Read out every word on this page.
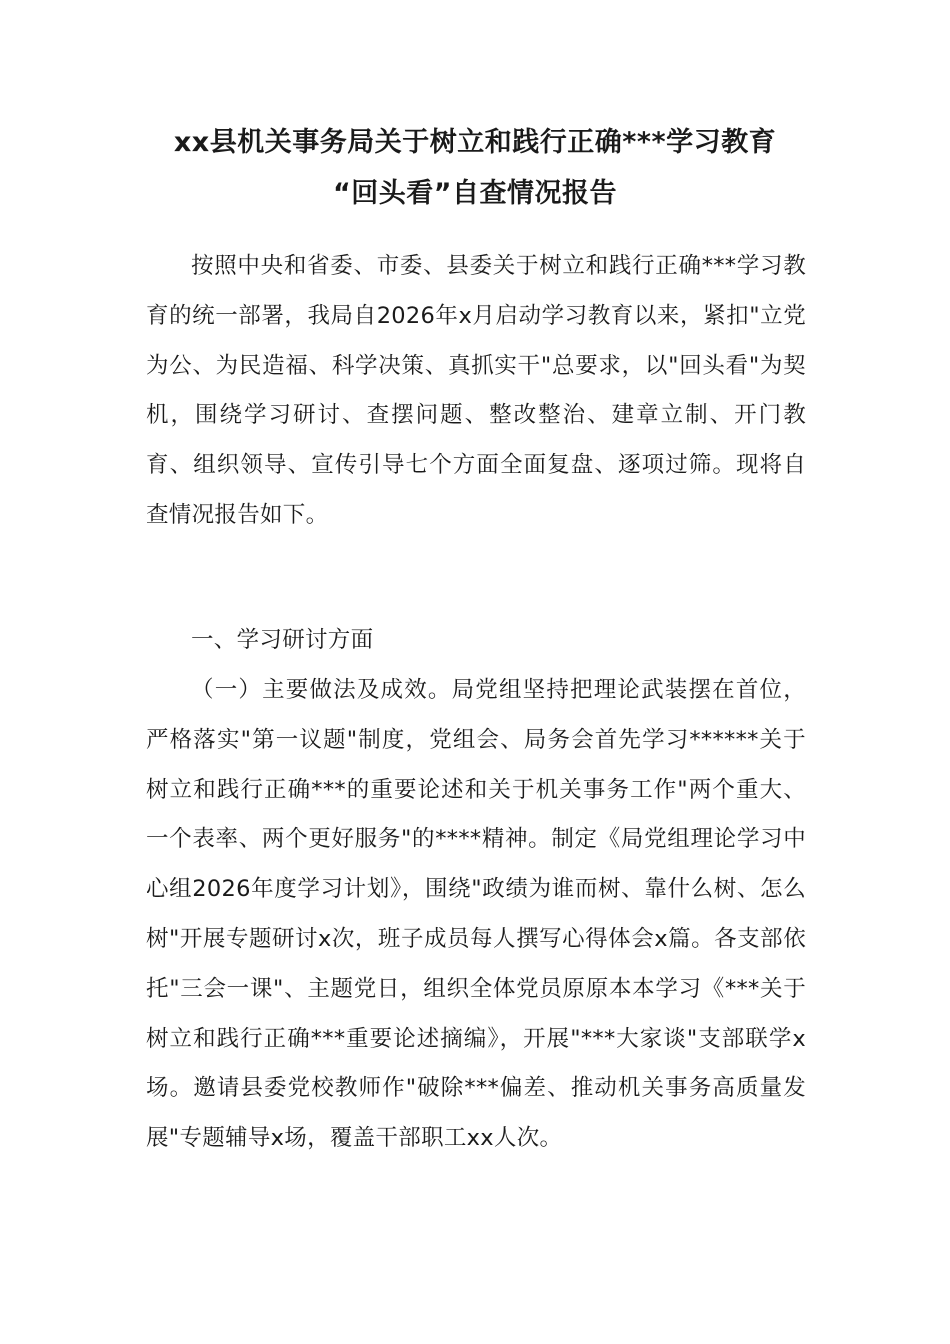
xx县机关事务局关于树立和践行正确***学习教育
“回头看”自查情况报告

按照中央和省委、市委、县委关于树立和践行正确***学习教育的统一部署，我局自2026年x月启动学习教育以来，紧扣"立党为公、为民造福、科学决策、真抓实干"总要求，以"回头看"为契机，围绕学习研讨、查摆问题、整改整治、建章立制、开门教育、组织领导、宣传引导七个方面全面复盘、逐项过筛。现将自查情况报告如下。

一、学习研讨方面

（一）主要做法及成效。局党组坚持把理论武装摆在首位，严格落实"第一议题"制度，党组会、局务会首先学习******关于树立和践行正确***的重要论述和关于机关事务工作"两个重大、一个表率、两个更好服务"的****精神。制定《局党组理论学习中心组2026年度学习计划》，围绕"政绩为谁而树、靠什么树、怎么树"开展专题研讨x次，班子成员每人撰写心得体会x篇。各支部依托"三会一课"、主题党日，组织全体党员原原本本学习《***关于树立和践行正确***重要论述摘编》，开展"***大家谈"支部联学x场。邀请县委党校教师作"破除***偏差、推动机关事务高质量发展"专题辅导x场，覆盖干部职工xx人次。
